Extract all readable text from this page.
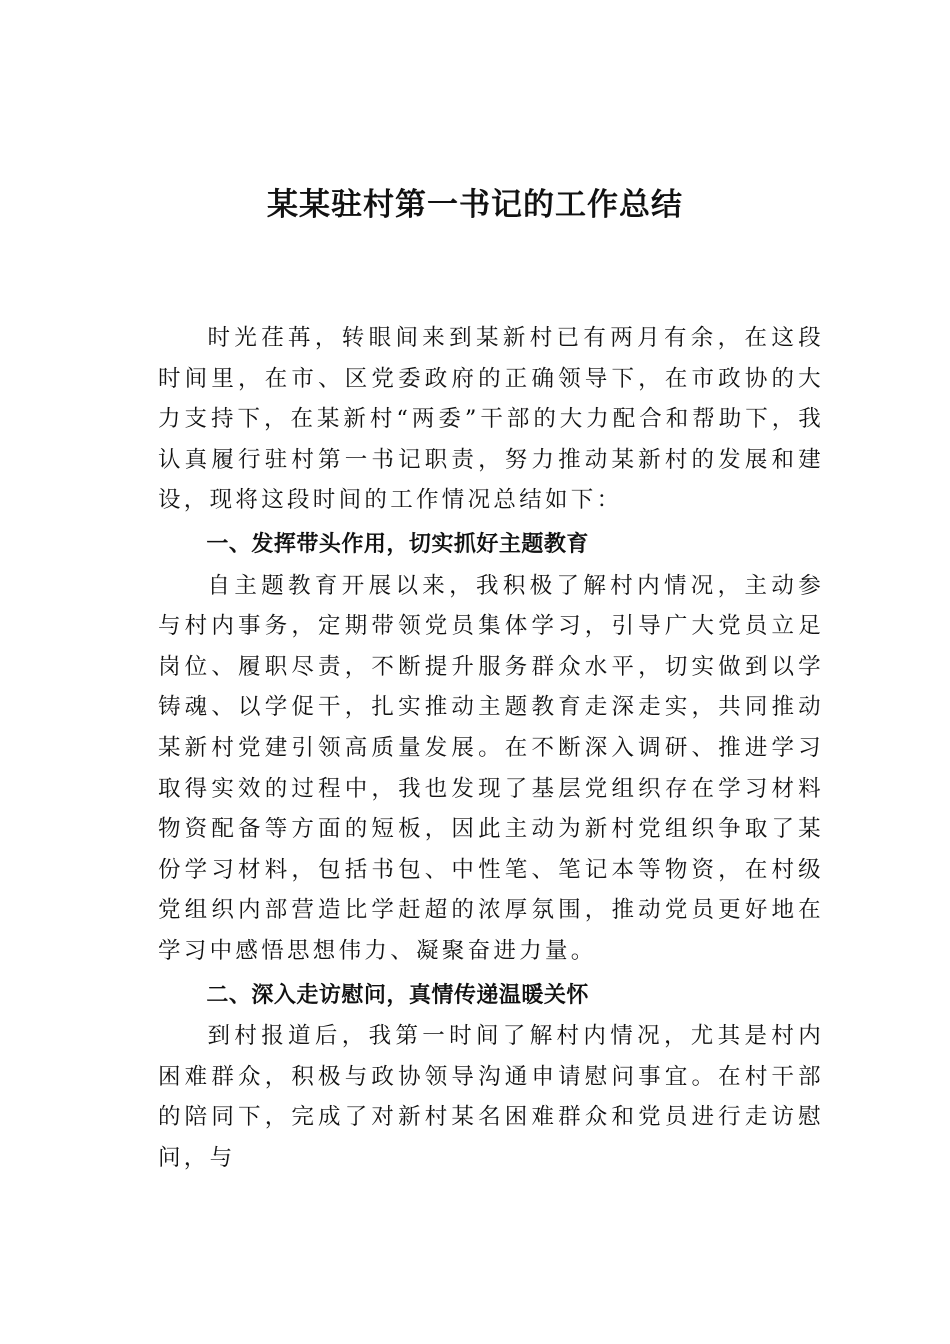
某某驻村第一书记的工作总结

时光荏苒，转眼间来到某新村已有两月有余，在这段时间里，在市、区党委政府的正确领导下，在市政协的大力支持下，在某新村“两委”干部的大力配合和帮助下，我认真履行驻村第一书记职责，努力推动某新村的发展和建设，现将这段时间的工作情况总结如下：

一、发挥带头作用，切实抓好主题教育

自主题教育开展以来，我积极了解村内情况，主动参与村内事务，定期带领党员集体学习，引导广大党员立足岗位、履职尽责，不断提升服务群众水平，切实做到以学铸魂、以学促干，扎实推动主题教育走深走实，共同推动某新村党建引领高质量发展。在不断深入调研、推进学习取得实效的过程中，我也发现了基层党组织存在学习材料物资配备等方面的短板，因此主动为新村党组织争取了某份学习材料，包括书包、中性笔、笔记本等物资，在村级党组织内部营造比学赶超的浓厚氛围，推动党员更好地在学习中感悟思想伟力、凝聚奋进力量。

二、深入走访慰问，真情传递温暖关怀

到村报道后，我第一时间了解村内情况，尤其是村内困难群众，积极与政协领导沟通申请慰问事宜。在村干部的陪同下，完成了对新村某名困难群众和党员进行走访慰问，与
